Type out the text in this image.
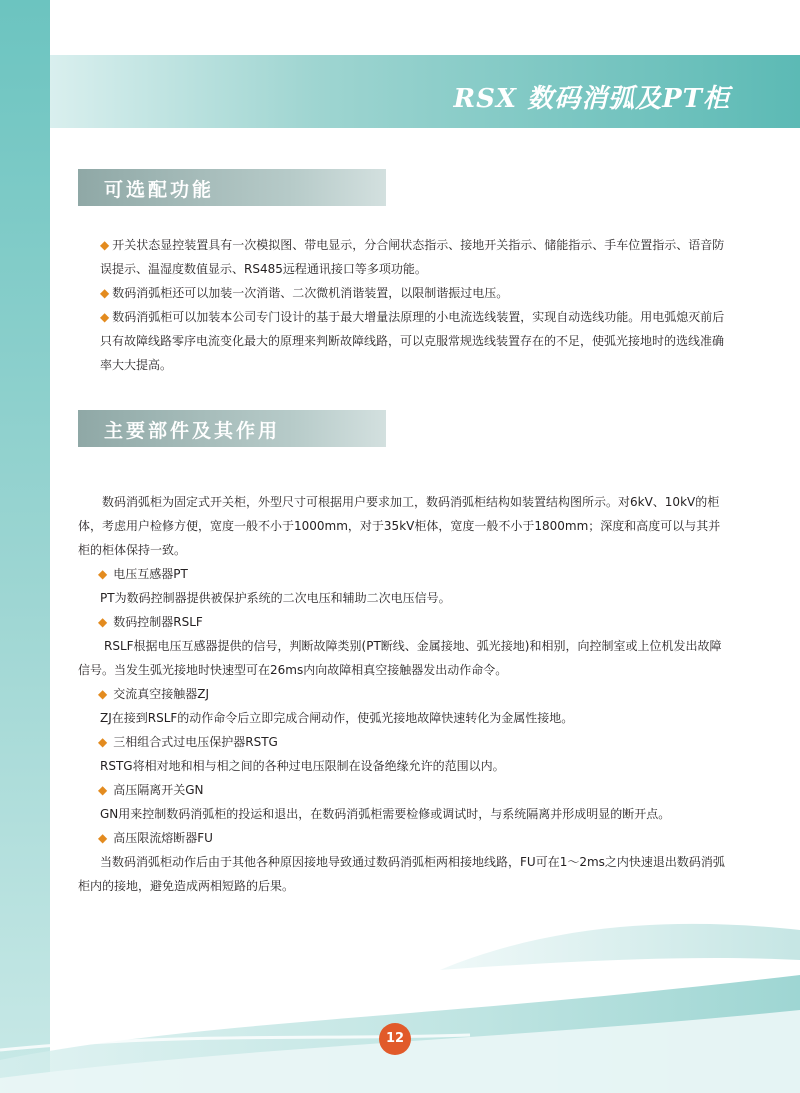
RSX 数码消弧及PT柜
可选配功能

◆ 开关状态显控装置具有一次模拟图、带电显示，分合闸状态指示、接地开关指示、储能指示、手车位置指示、语音防误提示、温湿度数值显示、RS485远程通讯接口等多项功能。

◆ 数码消弧柜还可以加装一次消谐、二次微机消谐装置，以限制谐振过电压。

◆ 数码消弧柜可以加装本公司专门设计的基于最大增量法原理的小电流选线装置，实现自动选线功能。用电弧熄灭前后只有故障线路零序电流变化最大的原理来判断故障线路，可以克服常规选线装置存在的不足，使弧光接地时的选线准确率大大提高。

主要部件及其作用

数码消弧柜为固定式开关柜，外型尺寸可根据用户要求加工，数码消弧柜结构如装置结构图所示。对6kV、10kV的柜体，考虑用户检修方便，宽度一般不小于1000mm，对于35kV柜体，宽度一般不小于1800mm；深度和高度可以与其并柜的柜体保持一致。

◆ 电压互感器PT

PT为数码控制器提供被保护系统的二次电压和辅助二次电压信号。

◆ 数码控制器RSLF

RSLF根据电压互感器提供的信号，判断故障类别(PT断线、金属接地、弧光接地)和相别，向控制室或上位机发出故障信号。当发生弧光接地时快速型可在26ms内向故障相真空接触器发出动作命令。

◆ 交流真空接触器ZJ

ZJ在接到RSLF的动作命令后立即完成合闸动作，使弧光接地故障快速转化为金属性接地。

◆ 三相组合式过电压保护器RSTG

RSTG将相对地和相与相之间的各种过电压限制在设备绝缘允许的范围以内。

◆ 高压隔离开关GN

GN用来控制数码消弧柜的投运和退出，在数码消弧柜需要检修或调试时，与系统隔离并形成明显的断开点。

◆ 高压限流熔断器FU

当数码消弧柜动作后由于其他各种原因接地导致通过数码消弧柜两相接地线路，FU可在1～2ms之内快速退出数码消弧柜内的接地，避免造成两相短路的后果。

12
